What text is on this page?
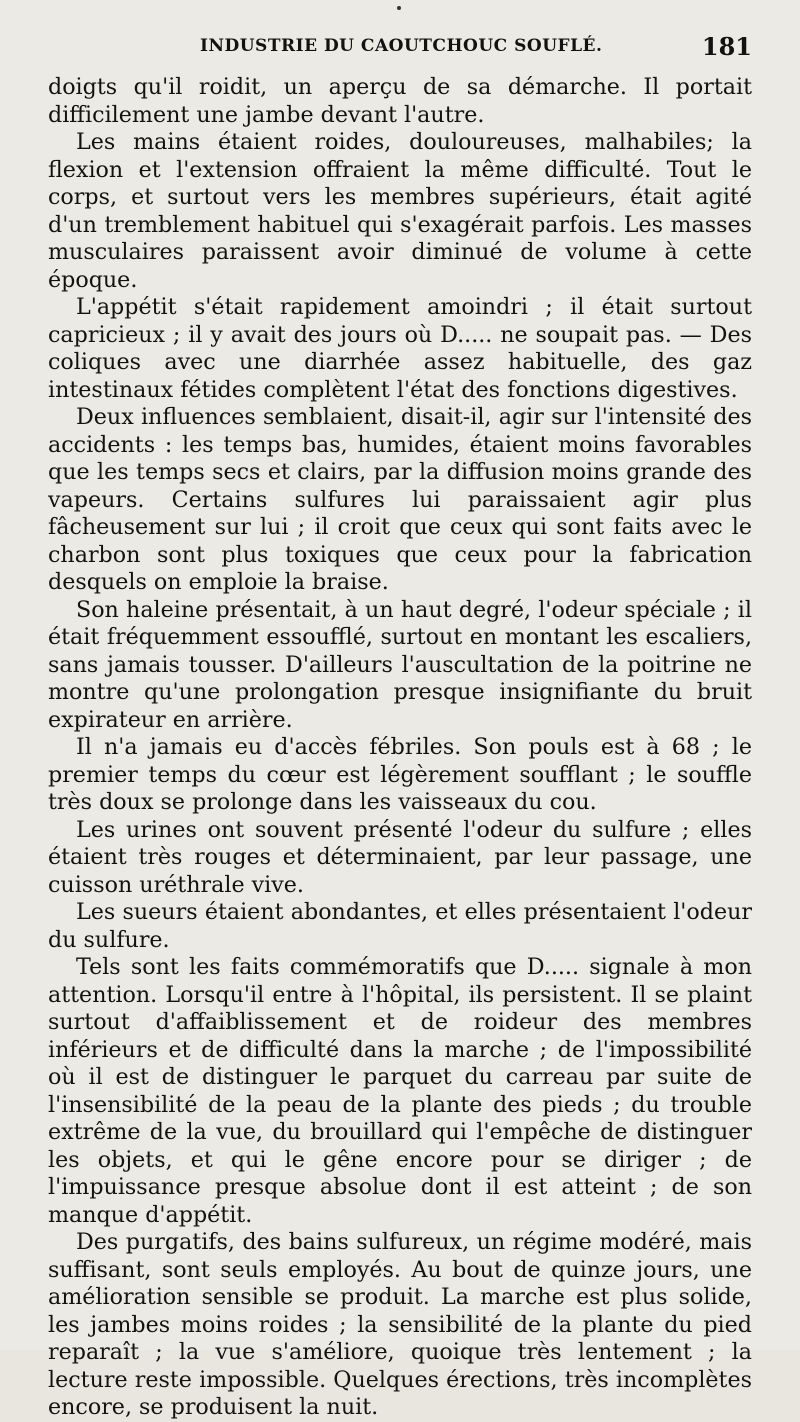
INDUSTRIE DU CAOUTCHOUC SOUFLÉ.	181

doigts qu'il roidit, un aperçu de sa démarche. Il portait difficilement une jambe devant l'autre.

Les mains étaient roides, douloureuses, malhabiles; la flexion et l'extension offraient la même difficulté. Tout le corps, et surtout vers les membres supérieurs, était agité d'un tremblement habituel qui s'exagérait parfois. Les masses musculaires paraissent avoir diminué de volume à cette époque.

L'appétit s'était rapidement amoindri ; il était surtout capricieux ; il y avait des jours où D..... ne soupait pas. — Des coliques avec une diarrhée assez habituelle, des gaz intestinaux fétides complètent l'état des fonctions digestives.

Deux influences semblaient, disait-il, agir sur l'intensité des accidents : les temps bas, humides, étaient moins favorables que les temps secs et clairs, par la diffusion moins grande des vapeurs. Certains sulfures lui paraissaient agir plus fâcheusement sur lui ; il croit que ceux qui sont faits avec le charbon sont plus toxiques que ceux pour la fabrication desquels on emploie la braise.

Son haleine présentait, à un haut degré, l'odeur spéciale ; il était fréquemment essoufflé, surtout en montant les escaliers, sans jamais tousser. D'ailleurs l'auscultation de la poitrine ne montre qu'une prolongation presque insignifiante du bruit expirateur en arrière.

Il n'a jamais eu d'accès fébriles. Son pouls est à 68 ; le premier temps du cœur est légèrement soufflant ; le souffle très doux se prolonge dans les vaisseaux du cou.

Les urines ont souvent présenté l'odeur du sulfure ; elles étaient très rouges et déterminaient, par leur passage, une cuisson uréthrale vive.

Les sueurs étaient abondantes, et elles présentaient l'odeur du sulfure.

Tels sont les faits commémoratifs que D..... signale à mon attention. Lorsqu'il entre à l'hôpital, ils persistent. Il se plaint surtout d'affaiblissement et de roideur des membres inférieurs et de difficulté dans la marche ; de l'impossibilité où il est de distinguer le parquet du carreau par suite de l'insensibilité de la peau de la plante des pieds ; du trouble extrême de la vue, du brouillard qui l'empêche de distinguer les objets, et qui le gêne encore pour se diriger ; de l'impuissance presque absolue dont il est atteint ; de son manque d'appétit.

Des purgatifs, des bains sulfureux, un régime modéré, mais suffisant, sont seuls employés. Au bout de quinze jours, une amélioration sensible se produit. La marche est plus solide, les jambes moins roides ; la sensibilité de la plante du pied reparaît ; la vue s'améliore, quoique très lentement ; la lecture reste impossible. Quelques érections, très incomplètes encore, se produisent la nuit.
